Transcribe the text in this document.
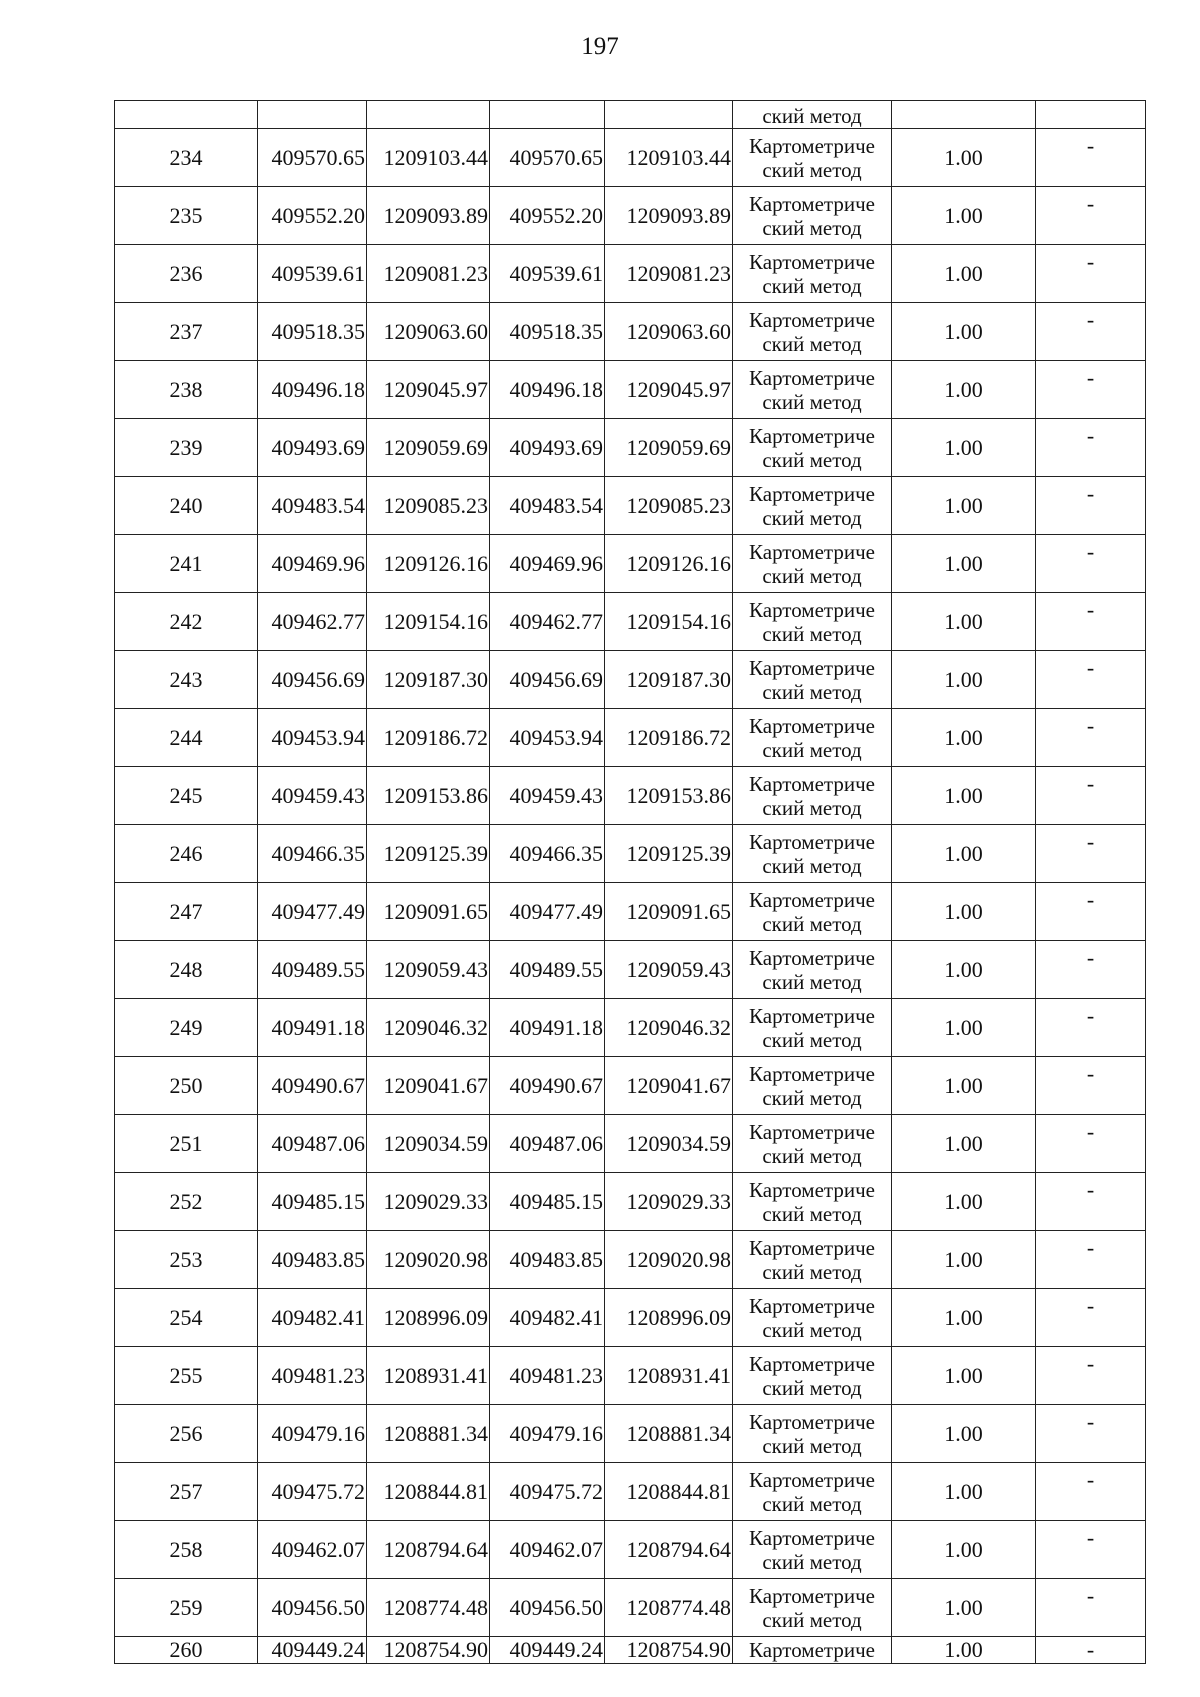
197
					ский метод		
234	409570.65	1209103.44	409570.65	1209103.44	Картометриче
ский метод	1.00	-
235	409552.20	1209093.89	409552.20	1209093.89	Картометриче
ский метод	1.00	-
236	409539.61	1209081.23	409539.61	1209081.23	Картометриче
ский метод	1.00	-
237	409518.35	1209063.60	409518.35	1209063.60	Картометриче
ский метод	1.00	-
238	409496.18	1209045.97	409496.18	1209045.97	Картометриче
ский метод	1.00	-
239	409493.69	1209059.69	409493.69	1209059.69	Картометриче
ский метод	1.00	-
240	409483.54	1209085.23	409483.54	1209085.23	Картометриче
ский метод	1.00	-
241	409469.96	1209126.16	409469.96	1209126.16	Картометриче
ский метод	1.00	-
242	409462.77	1209154.16	409462.77	1209154.16	Картометриче
ский метод	1.00	-
243	409456.69	1209187.30	409456.69	1209187.30	Картометриче
ский метод	1.00	-
244	409453.94	1209186.72	409453.94	1209186.72	Картометриче
ский метод	1.00	-
245	409459.43	1209153.86	409459.43	1209153.86	Картометриче
ский метод	1.00	-
246	409466.35	1209125.39	409466.35	1209125.39	Картометриче
ский метод	1.00	-
247	409477.49	1209091.65	409477.49	1209091.65	Картометриче
ский метод	1.00	-
248	409489.55	1209059.43	409489.55	1209059.43	Картометриче
ский метод	1.00	-
249	409491.18	1209046.32	409491.18	1209046.32	Картометриче
ский метод	1.00	-
250	409490.67	1209041.67	409490.67	1209041.67	Картометриче
ский метод	1.00	-
251	409487.06	1209034.59	409487.06	1209034.59	Картометриче
ский метод	1.00	-
252	409485.15	1209029.33	409485.15	1209029.33	Картометриче
ский метод	1.00	-
253	409483.85	1209020.98	409483.85	1209020.98	Картометриче
ский метод	1.00	-
254	409482.41	1208996.09	409482.41	1208996.09	Картометриче
ский метод	1.00	-
255	409481.23	1208931.41	409481.23	1208931.41	Картометриче
ский метод	1.00	-
256	409479.16	1208881.34	409479.16	1208881.34	Картометриче
ский метод	1.00	-
257	409475.72	1208844.81	409475.72	1208844.81	Картометриче
ский метод	1.00	-
258	409462.07	1208794.64	409462.07	1208794.64	Картометриче
ский метод	1.00	-
259	409456.50	1208774.48	409456.50	1208774.48	Картометриче
ский метод	1.00	-
260	409449.24	1208754.90	409449.24	1208754.90	Картометриче	1.00	-
